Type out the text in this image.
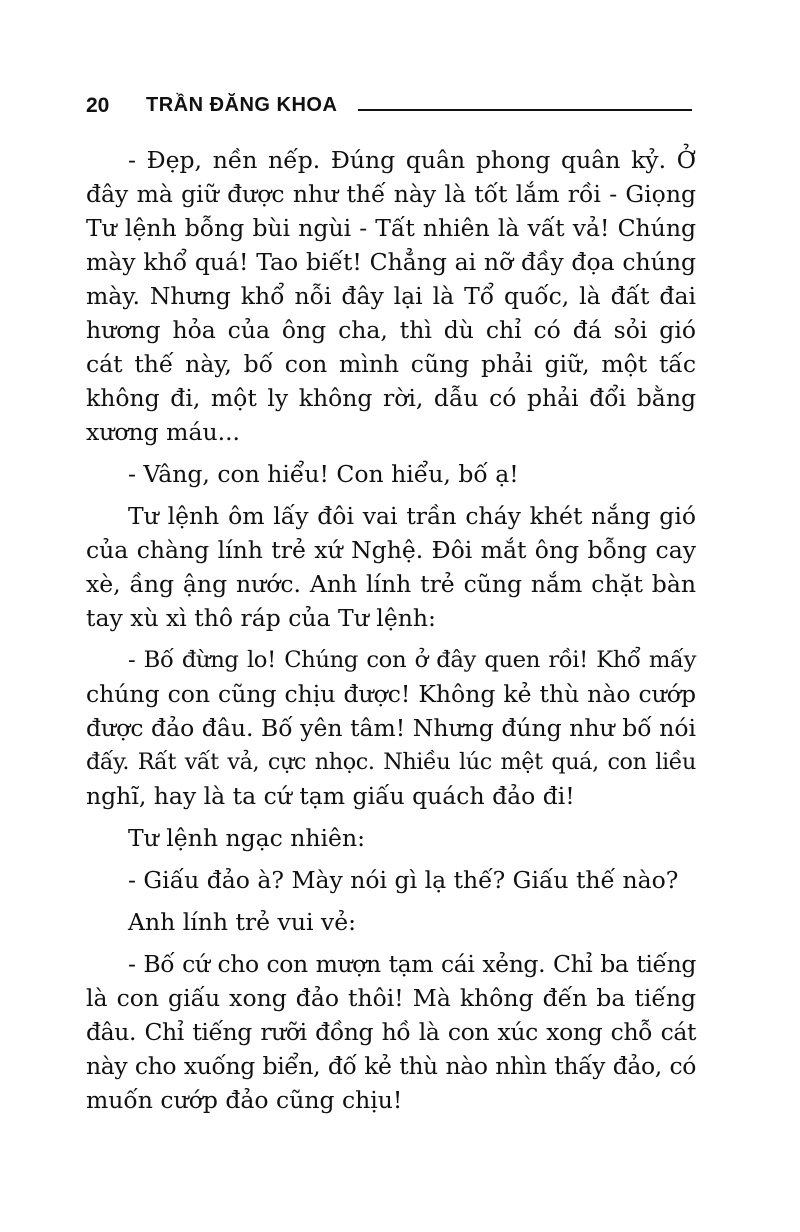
20 TRẦN ĐĂNG KHOA
- Đẹp, nền nếp. Đúng quân phong quân kỷ. Ở
đây mà giữ được như thế này là tốt lắm rồi - Giọng
Tư lệnh bỗng bùi ngùi - Tất nhiên là vất vả! Chúng
mày khổ quá! Tao biết! Chẳng ai nỡ đầy đọa chúng
mày. Nhưng khổ nỗi đây lại là Tổ quốc, là đất đai
hương hỏa của ông cha, thì dù chỉ có đá sỏi gió
cát thế này, bố con mình cũng phải giữ, một tấc
không đi, một ly không rời, dẫu có phải đổi bằng
xương máu...
- Vâng, con hiểu! Con hiểu, bố ạ!
Tư lệnh ôm lấy đôi vai trần cháy khét nắng gió
của chàng lính trẻ xứ Nghệ. Đôi mắt ông bỗng cay
xè, ầng ậng nước. Anh lính trẻ cũng nắm chặt bàn
tay xù xì thô ráp của Tư lệnh:
- Bố đừng lo! Chúng con ở đây quen rồi! Khổ mấy
chúng con cũng chịu được! Không kẻ thù nào cướp
được đảo đâu. Bố yên tâm! Nhưng đúng như bố nói
đấy. Rất vất vả, cực nhọc. Nhiều lúc mệt quá, con liều
nghĩ, hay là ta cứ tạm giấu quách đảo đi!
Tư lệnh ngạc nhiên:
- Giấu đảo à? Mày nói gì lạ thế? Giấu thế nào?
Anh lính trẻ vui vẻ:
- Bố cứ cho con mượn tạm cái xẻng. Chỉ ba tiếng
là con giấu xong đảo thôi! Mà không đến ba tiếng
đâu. Chỉ tiếng rưỡi đồng hồ là con xúc xong chỗ cát
này cho xuống biển, đố kẻ thù nào nhìn thấy đảo, có
muốn cướp đảo cũng chịu!
